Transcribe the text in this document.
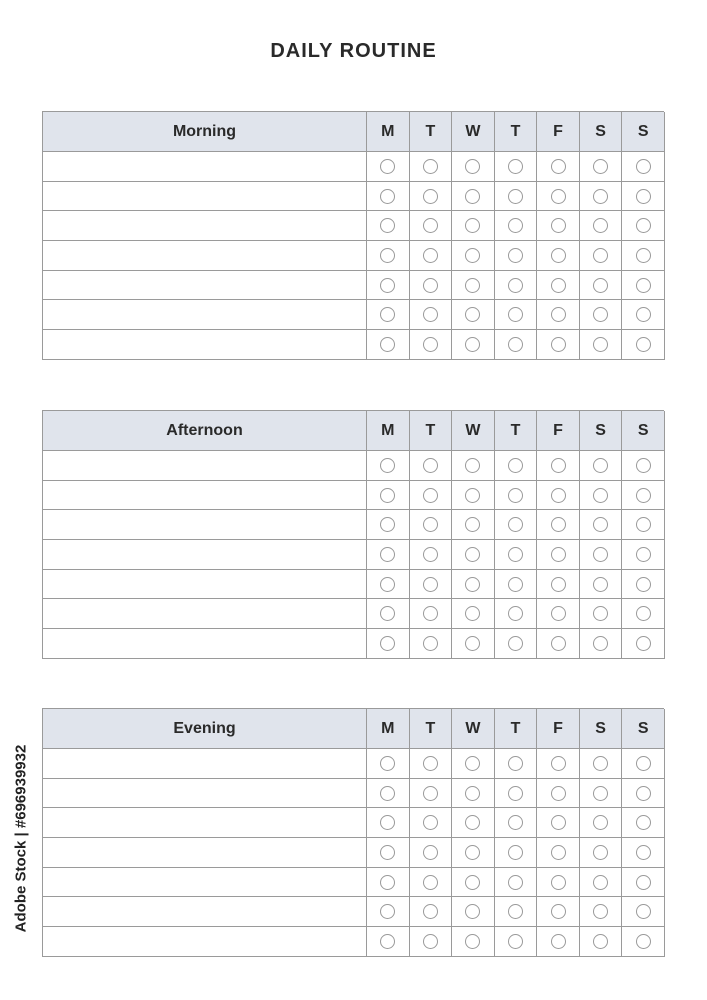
DAILY ROUTINE
Morning	M	T	W	T	F	S	S
Afternoon	M	T	W	T	F	S	S
Evening	M	T	W	T	F	S	S
Adobe Stock | #696939932
